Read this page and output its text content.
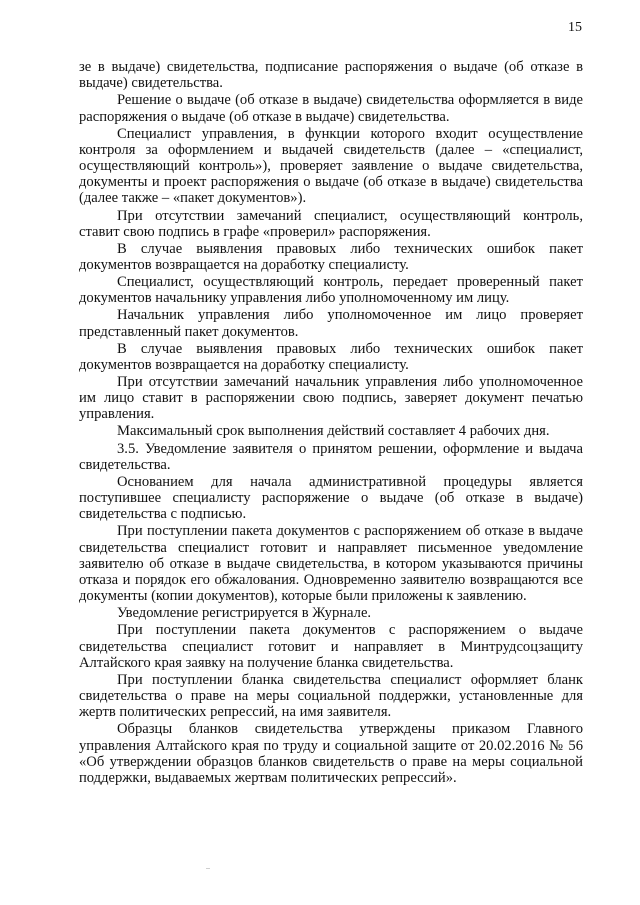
15

зе в выдаче) свидетельства, подписание распоряжения о выдаче (об отказе в выдаче) свидетельства.

Решение о выдаче (об отказе в выдаче) свидетельства оформляется в виде распоряжения о выдаче (об отказе в выдаче) свидетельства.

Специалист управления, в функции которого входит осуществление контроля за оформлением и выдачей свидетельств (далее – «специалист, осуществляющий контроль»), проверяет заявление о выдаче свидетельства, документы и проект распоряжения о выдаче (об отказе в выдаче) свидетельства (далее также – «пакет документов»).

При отсутствии замечаний специалист, осуществляющий контроль, ставит свою подпись в графе «проверил» распоряжения.

В случае выявления правовых либо технических ошибок пакет документов возвращается на доработку специалисту.

Специалист, осуществляющий контроль, передает проверенный пакет документов начальнику управления либо уполномоченному им лицу.

Начальник управления либо уполномоченное им лицо проверяет представленный пакет документов.

В случае выявления правовых либо технических ошибок пакет документов возвращается на доработку специалисту.

При отсутствии замечаний начальник управления либо уполномоченное им лицо ставит в распоряжении свою подпись, заверяет документ печатью управления.

Максимальный срок выполнения действий составляет 4 рабочих дня.

3.5. Уведомление заявителя о принятом решении, оформление и выдача свидетельства.

Основанием для начала административной процедуры является поступившее специалисту распоряжение о выдаче (об отказе в выдаче) свидетельства с подписью.

При поступлении пакета документов с распоряжением об отказе в выдаче свидетельства специалист готовит и направляет письменное уведомление заявителю об отказе в выдаче свидетельства, в котором указываются причины отказа и порядок его обжалования. Одновременно заявителю возвращаются все документы (копии документов), которые были приложены к заявлению.

Уведомление регистрируется в Журнале.

При поступлении пакета документов с распоряжением о выдаче свидетельства специалист готовит и направляет в Минтрудсоцзащиту Алтайского края заявку на получение бланка свидетельства.

При поступлении бланка свидетельства специалист оформляет бланк свидетельства о праве на меры социальной поддержки, установленные для жертв политических репрессий, на имя заявителя.

Образцы бланков свидетельства утверждены приказом Главного управления Алтайского края по труду и социальной защите от 20.02.2016 № 56 «Об утверждении образцов бланков свидетельств о праве на меры социальной поддержки, выдаваемых жертвам политических репрессий».
